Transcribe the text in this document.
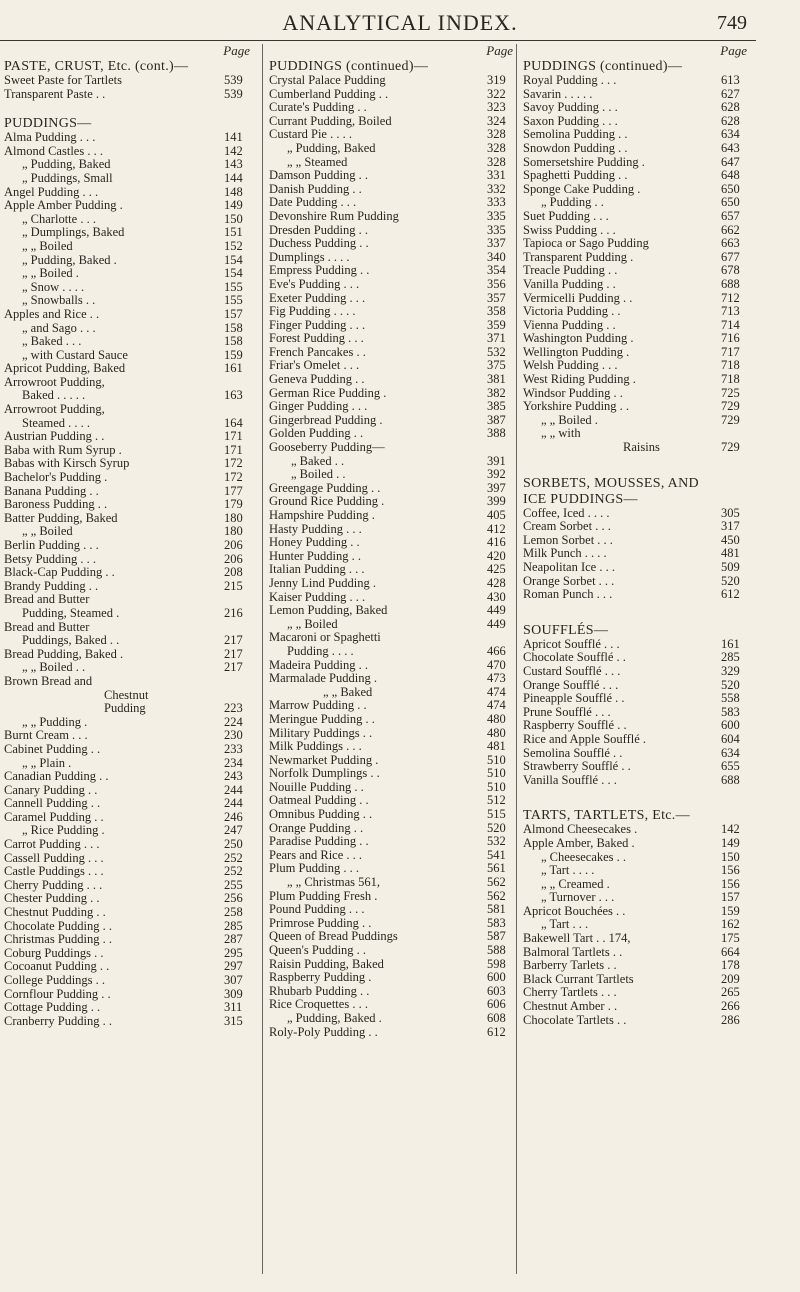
ANALYTICAL INDEX.	749
Page
PASTE, CRUST, Etc. (cont.)—
Sweet Paste for Tartlets	539
Transparent Paste . .	539
PUDDINGS—
Alma Pudding . . .	141
Almond Castles . . .	142
„ Pudding, Baked	143
„ Puddings, Small	144
Angel Pudding . . .	148
Apple Amber Pudding .	149
„ Charlotte . . .	150
„ Dumplings, Baked	151
„ „ Boiled	152
„ Pudding, Baked .	154
„ „ Boiled .	154
„ Snow . . . .	155
„ Snowballs . .	155
Apples and Rice . .	157
„ and Sago . . .	158
„ Baked . . .	158
„ with Custard Sauce	159
Apricot Pudding, Baked	161
Arrowroot Pudding,
Baked . . . . .	163
Arrowroot Pudding,
Steamed . . . .	164
Austrian Pudding . .	171
Baba with Rum Syrup .	171
Babas with Kirsch Syrup	172
Bachelor's Pudding .	172
Banana Pudding . .	177
Baroness Pudding . .	179
Batter Pudding, Baked	180
„ „ Boiled	180
Berlin Pudding . . .	206
Betsy Pudding . . .	206
Black-Cap Pudding . .	208
Brandy Pudding . .	215
Bread and Butter
Pudding, Steamed .	216
Bread and Butter
Puddings, Baked . .	217
Bread Pudding, Baked .	217
„ „ Boiled . .	217
Brown Bread and
Chestnut
Pudding	223
„ „ Pudding .	224
Burnt Cream . . .	230
Cabinet Pudding . .	233
„ „ Plain .	234
Canadian Pudding . .	243
Canary Pudding . .	244
Cannell Pudding . .	244
Caramel Pudding . .	246
„ Rice Pudding .	247
Carrot Pudding . . .	250
Cassell Pudding . . .	252
Castle Puddings . . .	252
Cherry Pudding . . .	255
Chester Pudding . .	256
Chestnut Pudding . .	258
Chocolate Pudding . .	285
Christmas Pudding . .	287
Coburg Puddings . .	295
Cocoanut Pudding . .	297
College Puddings . .	307
Cornflour Pudding . .	309
Cottage Pudding . .	311
Cranberry Pudding . .	315
Page
PUDDINGS (continued)—
Crystal Palace Pudding	319
Cumberland Pudding . .	322
Curate's Pudding . .	323
Currant Pudding, Boiled	324
Custard Pie . . . .	328
„ Pudding, Baked	328
„ „ Steamed	328
Damson Pudding . .	331
Danish Pudding . .	332
Date Pudding . . .	333
Devonshire Rum Pudding	335
Dresden Pudding . .	335
Duchess Pudding . .	337
Dumplings . . . .	340
Empress Pudding . .	354
Eve's Pudding . . .	356
Exeter Pudding . . .	357
Fig Pudding . . . .	358
Finger Pudding . . .	359
Forest Pudding . . .	371
French Pancakes . .	532
Friar's Omelet . . .	375
Geneva Pudding . .	381
German Rice Pudding .	382
Ginger Pudding . . .	385
Gingerbread Pudding .	387
Golden Pudding . .	388
Gooseberry Pudding—
„ Baked . .	391
„ Boiled . .	392
Greengage Pudding . .	397
Ground Rice Pudding .	399
Hampshire Pudding .	405
Hasty Pudding . . .	412
Honey Pudding . .	416
Hunter Pudding . .	420
Italian Pudding . . .	425
Jenny Lind Pudding .	428
Kaiser Pudding . . .	430
Lemon Pudding, Baked	449
„ „ Boiled	449
Macaroni or Spaghetti
Pudding . . . .	466
Madeira Pudding . .	470
Marmalade Pudding .	473
„ „ Baked	474
Marrow Pudding . .	474
Meringue Pudding . .	480
Military Puddings . .	480
Milk Puddings . . .	481
Newmarket Pudding .	510
Norfolk Dumplings . .	510
Nouille Pudding . .	510
Oatmeal Pudding . .	512
Omnibus Pudding . .	515
Orange Pudding . .	520
Paradise Pudding . .	532
Pears and Rice . . .	541
Plum Pudding . . .	561
„ „ Christmas 561,	562
Plum Pudding Fresh .	562
Pound Pudding . . .	581
Primrose Pudding . .	583
Queen of Bread Puddings	587
Queen's Pudding . .	588
Raisin Pudding, Baked	598
Raspberry Pudding .	600
Rhubarb Pudding . .	603
Rice Croquettes . . .	606
„ Pudding, Baked .	608
Roly-Poly Pudding . .	612
Page
PUDDINGS (continued)—
Royal Pudding . . .	613
Savarin . . . . .	627
Savoy Pudding . . .	628
Saxon Pudding . . .	628
Semolina Pudding . .	634
Snowdon Pudding . .	643
Somersetshire Pudding .	647
Spaghetti Pudding . .	648
Sponge Cake Pudding .	650
„ Pudding . .	650
Suet Pudding . . .	657
Swiss Pudding . . .	662
Tapioca or Sago Pudding	663
Transparent Pudding .	677
Treacle Pudding . .	678
Vanilla Pudding . .	688
Vermicelli Pudding . .	712
Victoria Pudding . .	713
Vienna Pudding . .	714
Washington Pudding .	716
Wellington Pudding .	717
Welsh Pudding . . .	718
West Riding Pudding .	718
Windsor Pudding . .	725
Yorkshire Pudding . .	729
„ „ Boiled .	729
„ „ with
Raisins	729
SORBETS, MOUSSES, AND
ICE PUDDINGS—
Coffee, Iced . . . .	305
Cream Sorbet . . .	317
Lemon Sorbet . . .	450
Milk Punch . . . .	481
Neapolitan Ice . . .	509
Orange Sorbet . . .	520
Roman Punch . . .	612
SOUFFLÉS—
Apricot Soufflé . . .	161
Chocolate Soufflé . .	285
Custard Soufflé . . .	329
Orange Soufflé . . .	520
Pineapple Soufflé . .	558
Prune Soufflé . . .	583
Raspberry Soufflé . .	600
Rice and Apple Soufflé .	604
Semolina Soufflé . .	634
Strawberry Soufflé . .	655
Vanilla Soufflé . . .	688
TARTS, TARTLETS, Etc.—
Almond Cheesecakes .	142
Apple Amber, Baked .	149
„ Cheesecakes . .	150
„ Tart . . . .	156
„ „ Creamed .	156
„ Turnover . . .	157
Apricot Bouchées . .	159
„ Tart . . .	162
Bakewell Tart . . 174,	175
Balmoral Tartlets . .	664
Barberry Tarlets . .	178
Black Currant Tartlets	209
Cherry Tartlets . . .	265
Chestnut Amber . .	266
Chocolate Tartlets . .	286
